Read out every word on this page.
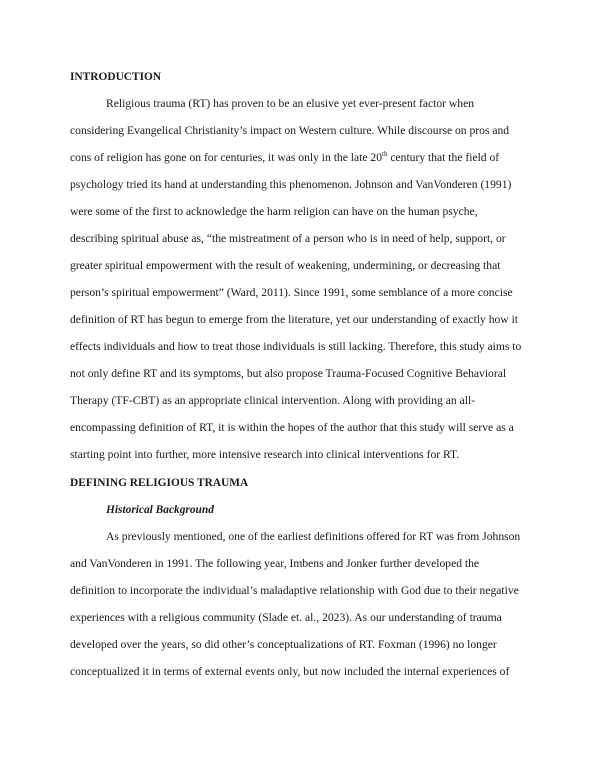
INTRODUCTION
Religious trauma (RT) has proven to be an elusive yet ever-present factor when
considering Evangelical Christianity’s impact on Western culture. While discourse on pros and
cons of religion has gone on for centuries, it was only in the late 20th century that the field of
psychology tried its hand at understanding this phenomenon. Johnson and VanVonderen (1991)
were some of the first to acknowledge the harm religion can have on the human psyche,
describing spiritual abuse as, “the mistreatment of a person who is in need of help, support, or
greater spiritual empowerment with the result of weakening, undermining, or decreasing that
person’s spiritual empowerment” (Ward, 2011). Since 1991, some semblance of a more concise
definition of RT has begun to emerge from the literature, yet our understanding of exactly how it
effects individuals and how to treat those individuals is still lacking. Therefore, this study aims to
not only define RT and its symptoms, but also propose Trauma-Focused Cognitive Behavioral
Therapy (TF-CBT) as an appropriate clinical intervention. Along with providing an all-
encompassing definition of RT, it is within the hopes of the author that this study will serve as a
starting point into further, more intensive research into clinical interventions for RT.
DEFINING RELIGIOUS TRAUMA
Historical Background
As previously mentioned, one of the earliest definitions offered for RT was from Johnson
and VanVonderen in 1991. The following year, Imbens and Jonker further developed the
definition to incorporate the individual’s maladaptive relationship with God due to their negative
experiences with a religious community (Slade et. al., 2023). As our understanding of trauma
developed over the years, so did other’s conceptualizations of RT. Foxman (1996) no longer
conceptualized it in terms of external events only, but now included the internal experiences of
